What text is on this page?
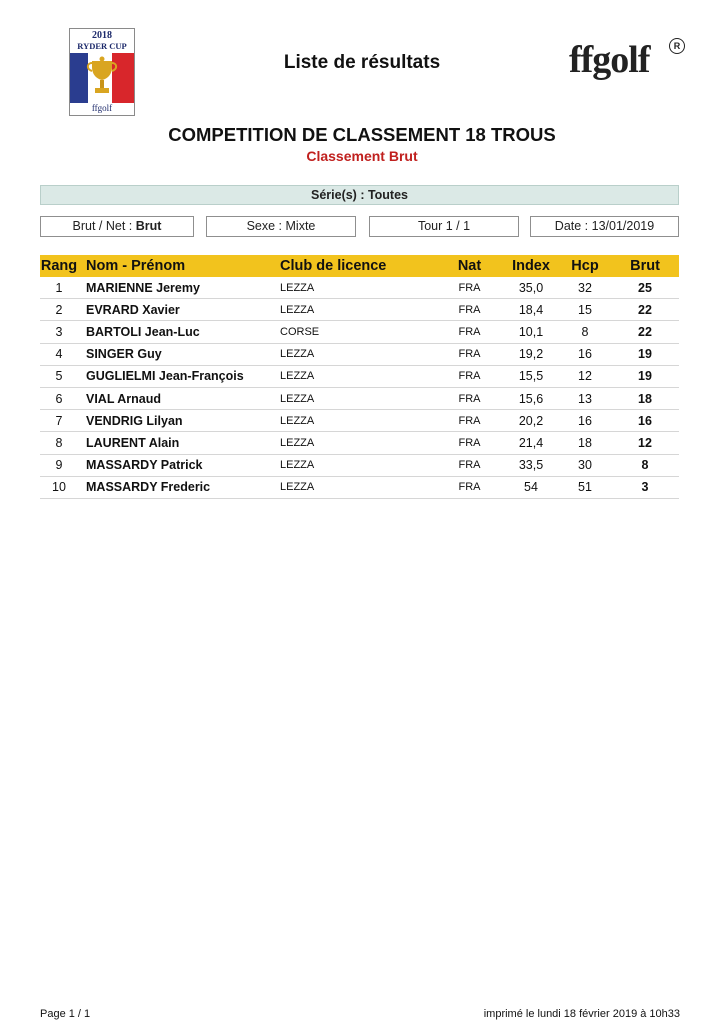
2018
RYDER CUP
ffgolf
Liste de résultats	ffgolf	R
COMPETITION DE CLASSEMENT 18 TROUS
Classement Brut
Série(s) : Toutes
Brut / Net : Brut	Sexe : Mixte	Tour 1 / 1	Date : 13/01/2019
Rang	Nom - Prénom	Club de licence	Nat	Index	Hcp	Brut
1	MARIENNE Jeremy	LEZZA	FRA	35,0	32	25
2	EVRARD Xavier	LEZZA	FRA	18,4	15	22
3	BARTOLI Jean-Luc	CORSE	FRA	10,1	8	22
4	SINGER Guy	LEZZA	FRA	19,2	16	19
5	GUGLIELMI Jean-François	LEZZA	FRA	15,5	12	19
6	VIAL Arnaud	LEZZA	FRA	15,6	13	18
7	VENDRIG Lilyan	LEZZA	FRA	20,2	16	16
8	LAURENT Alain	LEZZA	FRA	21,4	18	12
9	MASSARDY Patrick	LEZZA	FRA	33,5	30	8
10	MASSARDY Frederic	LEZZA	FRA	54	51	3
Page 1 / 1	imprimé le lundi 18 février 2019 à 10h33
